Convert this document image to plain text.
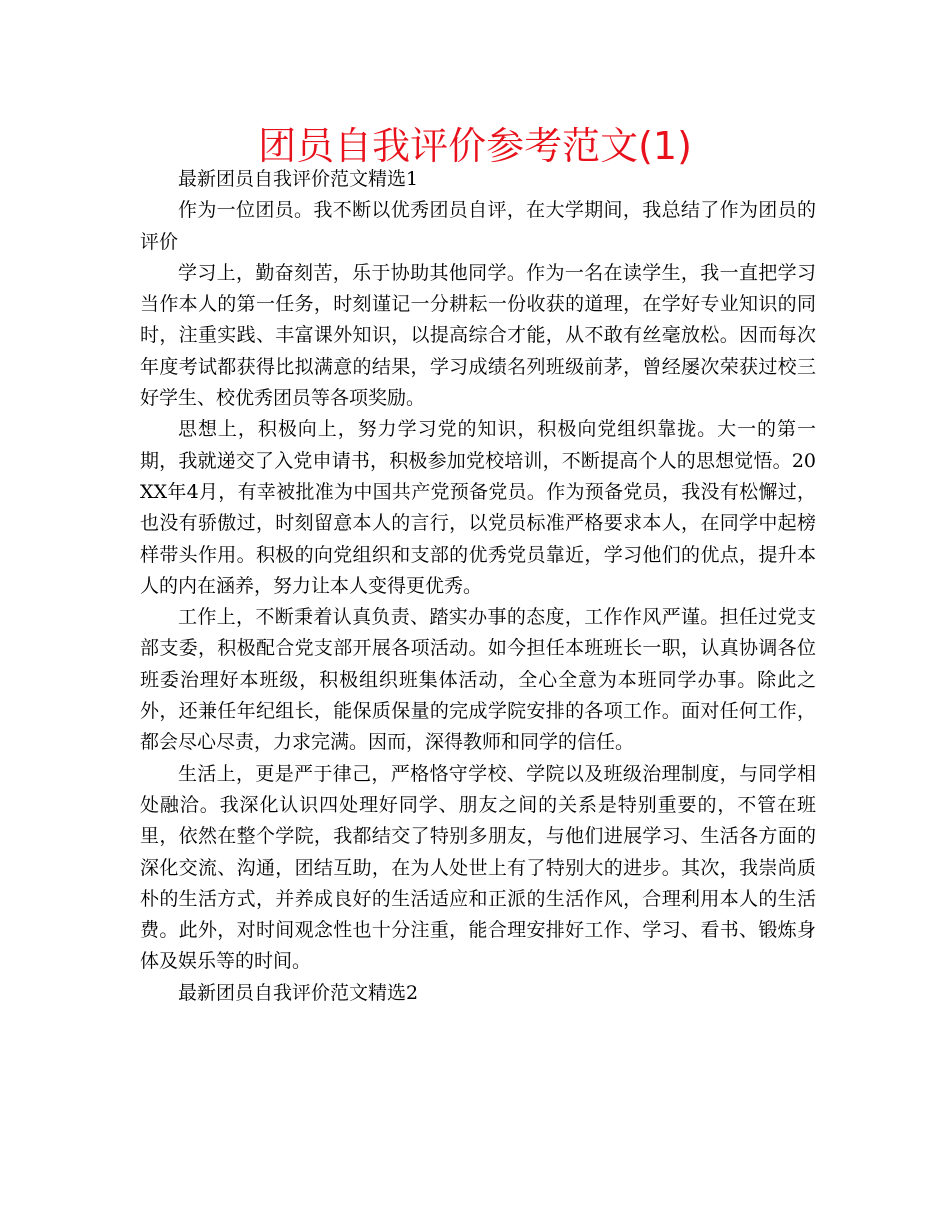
团员自我评价参考范文(1)

最新团员自我评价范文精选1

作为一位团员。我不断以优秀团员自评，在大学期间，我总结了作为团员的评价

学习上，勤奋刻苦，乐于协助其他同学。作为一名在读学生，我一直把学习当作本人的第一任务，时刻谨记一分耕耘一份收获的道理，在学好专业知识的同时，注重实践、丰富课外知识，以提高综合才能，从不敢有丝毫放松。因而每次年度考试都获得比拟满意的结果，学习成绩名列班级前茅，曾经屡次荣获过校三好学生、校优秀团员等各项奖励。

思想上，积极向上，努力学习党的知识，积极向党组织靠拢。大一的第一期，我就递交了入党申请书，积极参加党校培训，不断提高个人的思想觉悟。20XX年4月，有幸被批准为中国共产党预备党员。作为预备党员，我没有松懈过，也没有骄傲过，时刻留意本人的言行，以党员标准严格要求本人，在同学中起榜样带头作用。积极的向党组织和支部的优秀党员靠近，学习他们的优点，提升本人的内在涵养，努力让本人变得更优秀。

工作上，不断秉着认真负责、踏实办事的态度，工作作风严谨。担任过党支部支委，积极配合党支部开展各项活动。如今担任本班班长一职，认真协调各位班委治理好本班级，积极组织班集体活动，全心全意为本班同学办事。除此之外，还兼任年纪组长，能保质保量的完成学院安排的各项工作。面对任何工作，都会尽心尽责，力求完满。因而，深得教师和同学的信任。

生活上，更是严于律己，严格恪守学校、学院以及班级治理制度，与同学相处融洽。我深化认识四处理好同学、朋友之间的关系是特别重要的，不管在班里，依然在整个学院，我都结交了特别多朋友，与他们进展学习、生活各方面的深化交流、沟通，团结互助，在为人处世上有了特别大的进步。其次，我崇尚质朴的生活方式，并养成良好的生活适应和正派的生活作风，合理利用本人的生活费。此外，对时间观念性也十分注重，能合理安排好工作、学习、看书、锻炼身体及娱乐等的时间。

最新团员自我评价范文精选2
